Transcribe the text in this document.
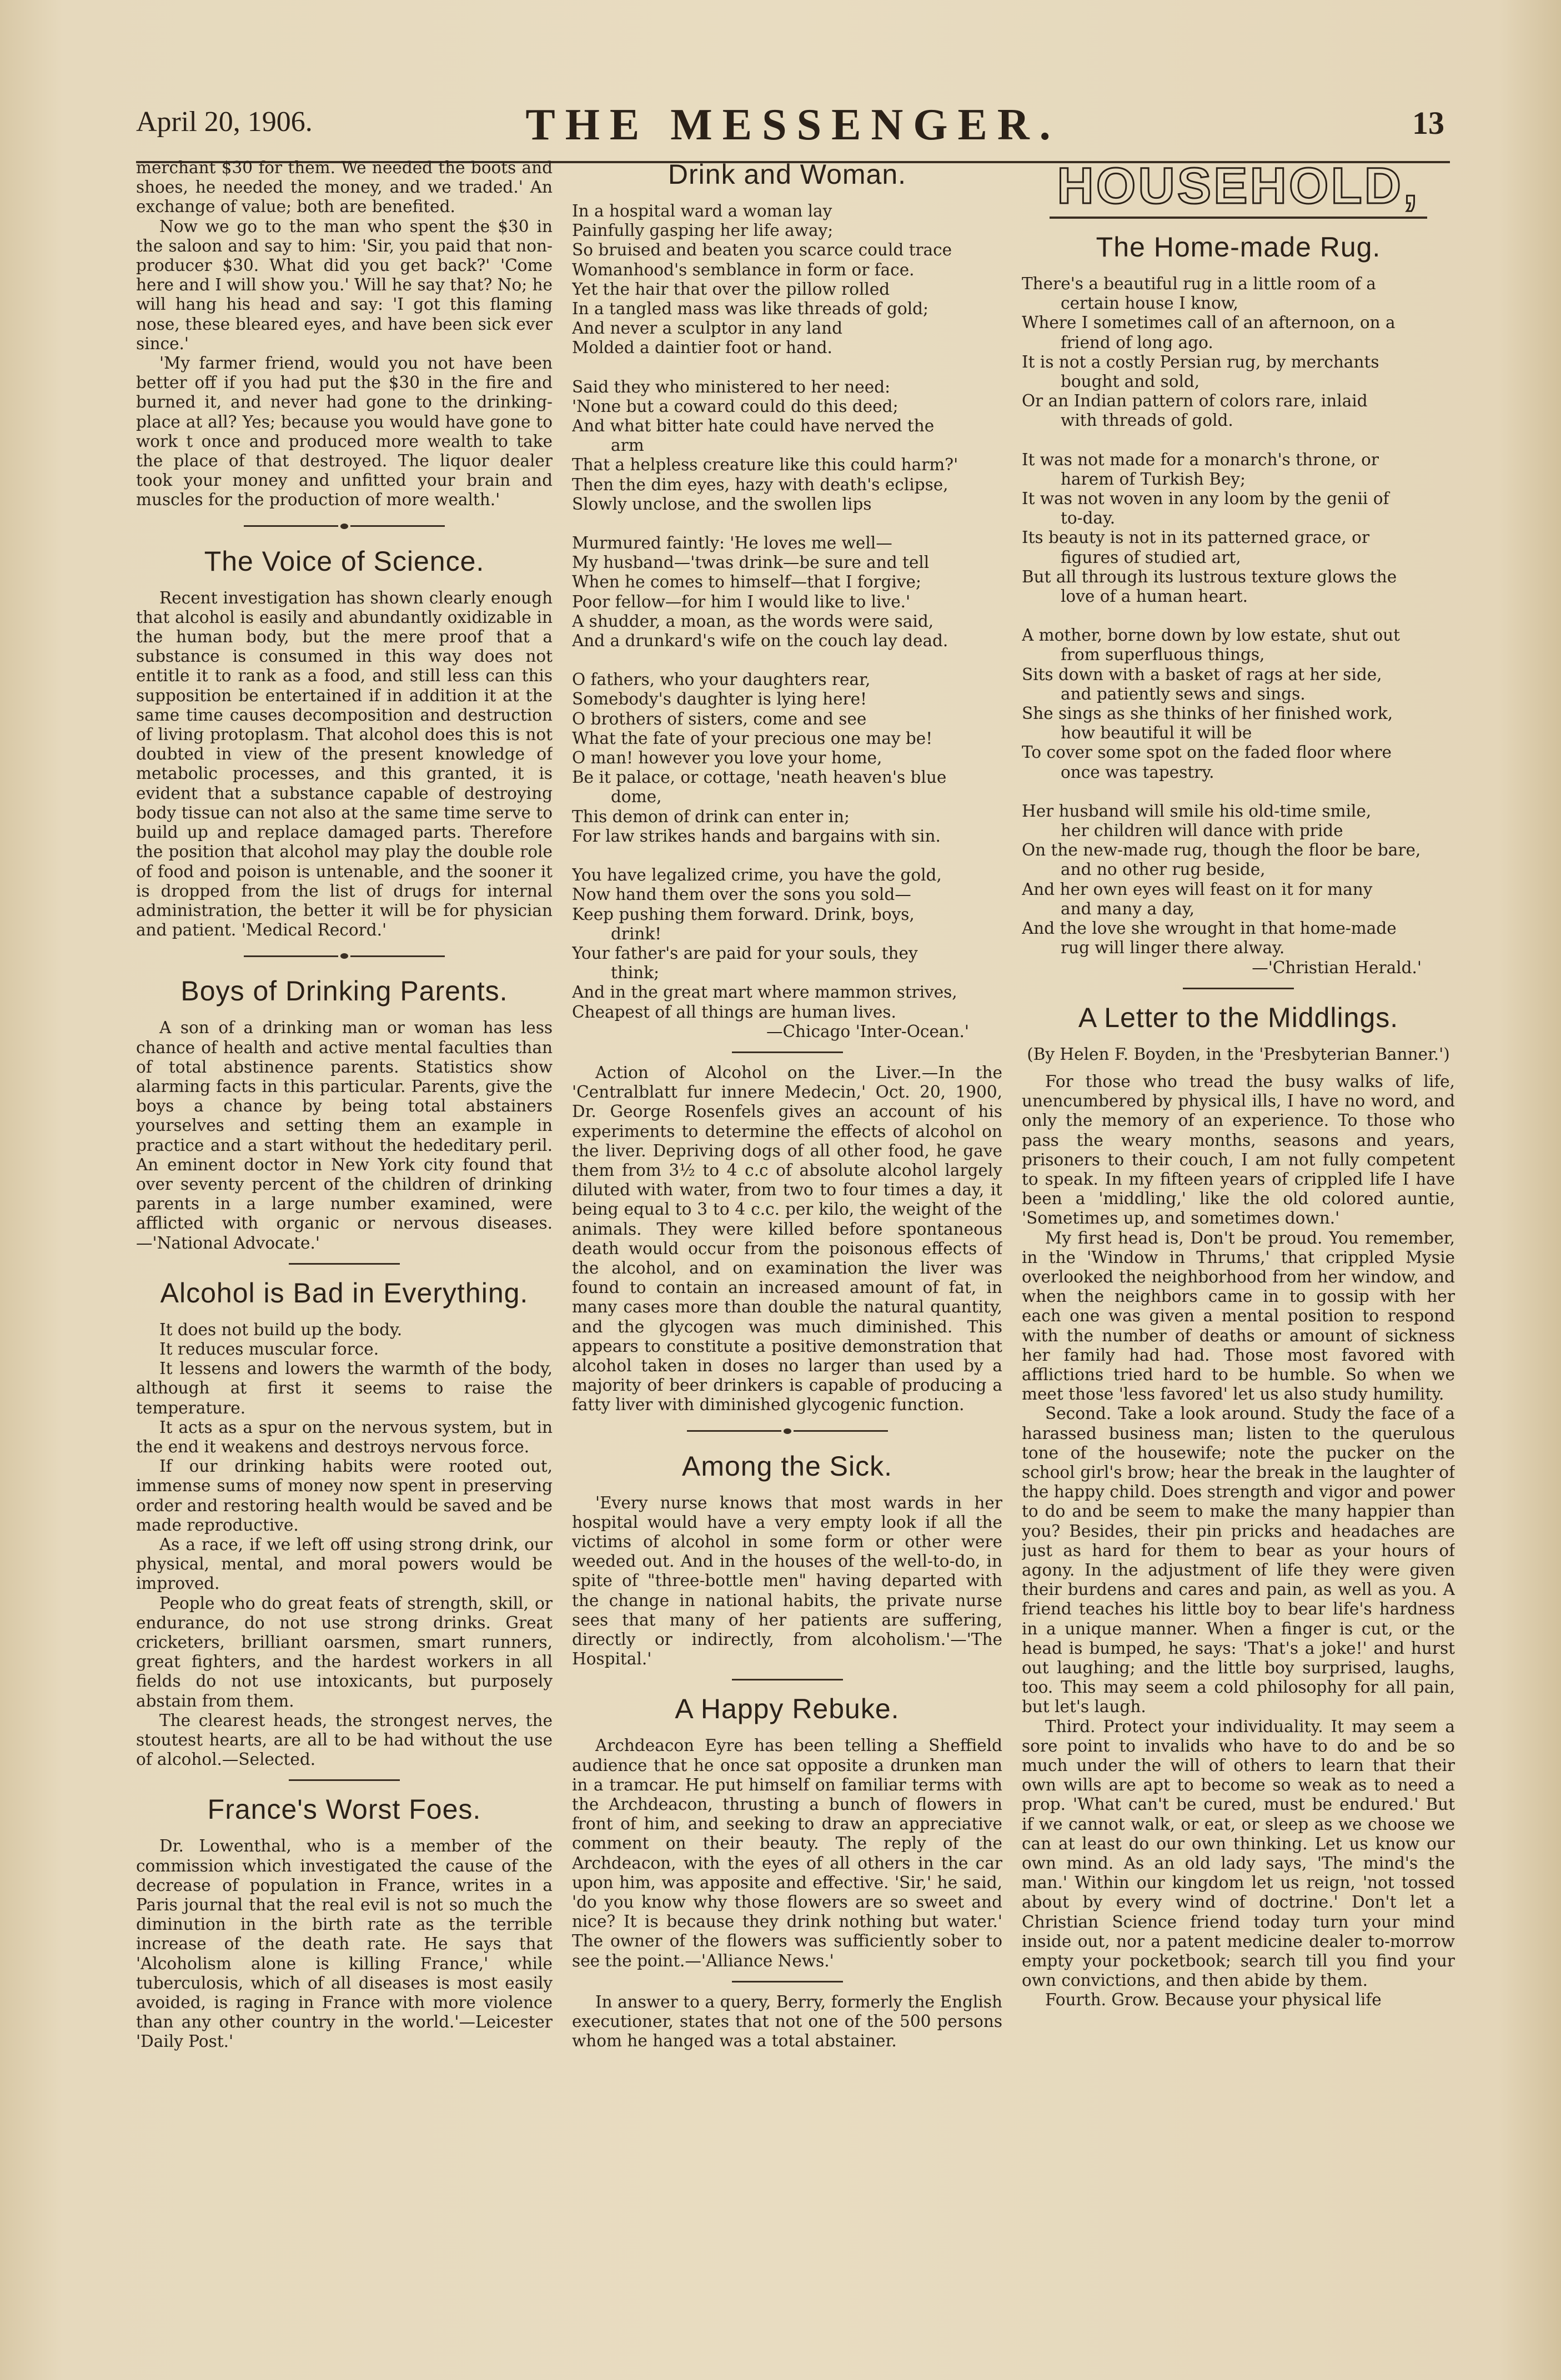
April 20, 1906.	THE MESSENGER.	13

merchant $30 for them. We needed the boots and shoes, he needed the money, and we traded.' An exchange of value; both are benefited.

Now we go to the man who spent the $30 in the saloon and say to him: 'Sir, you paid that non-producer $30. What did you get back?' 'Come here and I will show you.' Will he say that? No; he will hang his head and say: 'I got this flaming nose, these bleared eyes, and have been sick ever since.'

'My farmer friend, would you not have been better off if you had put the $30 in the fire and burned it, and never had gone to the drinking-place at all? Yes; because you would have gone to work t once and produced more wealth to take the place of that destroyed. The liquor dealer took your money and unfitted your brain and muscles for the production of more wealth.'

The Voice of Science.

Recent investigation has shown clearly enough that alcohol is easily and abundantly oxidizable in the human body, but the mere proof that a substance is consumed in this way does not entitle it to rank as a food, and still less can this supposition be entertained if in addition it at the same time causes decomposition and destruction of living protoplasm. That alcohol does this is not doubted in view of the present knowledge of metabolic processes, and this granted, it is evident that a substance capable of destroying body tissue can not also at the same time serve to build up and replace damaged parts. Therefore the position that alcohol may play the double role of food and poison is untenable, and the sooner it is dropped from the list of drugs for internal administration, the better it will be for physician and patient. 'Medical Record.'

Boys of Drinking Parents.

A son of a drinking man or woman has less chance of health and active mental faculties than of total abstinence parents. Statistics show alarming facts in this particular. Parents, give the boys a chance by being total abstainers yourselves and setting them an example in practice and a start without the hededitary peril. An eminent doctor in New York city found that over seventy percent of the children of drinking parents in a large number examined, were afflicted with organic or nervous diseases.—'National Advocate.'

Alcohol is Bad in Everything.

It does not build up the body.

It reduces muscular force.

It lessens and lowers the warmth of the body, although at first it seems to raise the temperature.

It acts as a spur on the nervous system, but in the end it weakens and destroys nervous force.

If our drinking habits were rooted out, immense sums of money now spent in preserving order and restoring health would be saved and be made reproductive.

As a race, if we left off using strong drink, our physical, mental, and moral powers would be improved.

People who do great feats of strength, skill, or endurance, do not use strong drinks. Great cricketers, brilliant oarsmen, smart runners, great fighters, and the hardest workers in all fields do not use intoxicants, but purposely abstain from them.

The clearest heads, the strongest nerves, the stoutest hearts, are all to be had without the use of alcohol.—Selected.

France's Worst Foes.

Dr. Lowenthal, who is a member of the commission which investigated the cause of the decrease of population in France, writes in a Paris journal that the real evil is not so much the diminution in the birth rate as the terrible increase of the death rate. He says that 'Alcoholism alone is killing France,' while tuberculosis, which of all diseases is most easily avoided, is raging in France with more violence than any other country in the world.'—Leicester 'Daily Post.'

Drink and Woman.
In a hospital ward a woman lay
Painfully gasping her life away;
So bruised and beaten you scarce could trace
Womanhood's semblance in form or face.
Yet the hair that over the pillow rolled
In a tangled mass was like threads of gold;
And never a sculptor in any land
Molded a daintier foot or hand.
Said they who ministered to her need:
'None but a coward could do this deed;
And what bitter hate could have nerved the
arm
That a helpless creature like this could harm?'
Then the dim eyes, hazy with death's eclipse,
Slowly unclose, and the swollen lips
Murmured faintly: 'He loves me well—
My husband—'twas drink—be sure and tell
When he comes to himself—that I forgive;
Poor fellow—for him I would like to live.'
A shudder, a moan, as the words were said,
And a drunkard's wife on the couch lay dead.
O fathers, who your daughters rear,
Somebody's daughter is lying here!
O brothers of sisters, come and see
What the fate of your precious one may be!
O man! however you love your home,
Be it palace, or cottage, 'neath heaven's blue
dome,
This demon of drink can enter in;
For law strikes hands and bargains with sin.
You have legalized crime, you have the gold,
Now hand them over the sons you sold—
Keep pushing them forward. Drink, boys,
drink!
Your father's are paid for your souls, they
think;
And in the great mart where mammon strives,
Cheapest of all things are human lives.
—Chicago 'Inter-Ocean.'

Action of Alcohol on the Liver.—In the 'Centralblatt fur innere Medecin,' Oct. 20, 1900, Dr. George Rosenfels gives an account of his experiments to determine the effects of alcohol on the liver. Depriving dogs of all other food, he gave them from 3½ to 4 c.c of absolute alcohol largely diluted with water, from two to four times a day, it being equal to 3 to 4 c.c. per kilo, the weight of the animals. They were killed before spontaneous death would occur from the poisonous effects of the alcohol, and on examination the liver was found to contain an increased amount of fat, in many cases more than double the natural quantity, and the glycogen was much diminished. This appears to constitute a positive demonstration that alcohol taken in doses no larger than used by a majority of beer drinkers is capable of producing a fatty liver with diminished glycogenic function.

Among the Sick.

'Every nurse knows that most wards in her hospital would have a very empty look if all the victims of alcohol in some form or other were weeded out. And in the houses of the well-to-do, in spite of "three-bottle men" having departed with the change in national habits, the private nurse sees that many of her patients are suffering, directly or indirectly, from alcoholism.'—'The Hospital.'

A Happy Rebuke.

Archdeacon Eyre has been telling a Sheffield audience that he once sat opposite a drunken man in a tramcar. He put himself on familiar terms with the Archdeacon, thrusting a bunch of flowers in front of him, and seeking to draw an appreciative comment on their beauty. The reply of the Archdeacon, with the eyes of all others in the car upon him, was apposite and effective. 'Sir,' he said, 'do you know why those flowers are so sweet and nice? It is because they drink nothing but water.' The owner of the flowers was sufficiently sober to see the point.—'Alliance News.'

In answer to a query, Berry, formerly the English executioner, states that not one of the 500 persons whom he hanged was a total abstainer.

HOUSEHOLD,
The Home-made Rug.
There's a beautiful rug in a little room of a
certain house I know,
Where I sometimes call of an afternoon, on a
friend of long ago.
It is not a costly Persian rug, by merchants
bought and sold,
Or an Indian pattern of colors rare, inlaid
with threads of gold.
It was not made for a monarch's throne, or
harem of Turkish Bey;
It was not woven in any loom by the genii of
to-day.
Its beauty is not in its patterned grace, or
figures of studied art,
But all through its lustrous texture glows the
love of a human heart.
A mother, borne down by low estate, shut out
from superfluous things,
Sits down with a basket of rags at her side,
and patiently sews and sings.
She sings as she thinks of her finished work,
how beautiful it will be
To cover some spot on the faded floor where
once was tapestry.
Her husband will smile his old-time smile,
her children will dance with pride
On the new-made rug, though the floor be bare,
and no other rug beside,
And her own eyes will feast on it for many
and many a day,
And the love she wrought in that home-made
rug will linger there alway.
—'Christian Herald.'
A Letter to the Middlings.
(By Helen F. Boyden, in the 'Presbyterian Banner.')

For those who tread the busy walks of life, unencumbered by physical ills, I have no word, and only the memory of an experience. To those who pass the weary months, seasons and years, prisoners to their couch, I am not fully competent to speak. In my fifteen years of crippled life I have been a 'middling,' like the old colored auntie, 'Sometimes up, and sometimes down.'

My first head is, Don't be proud. You remember, in the 'Window in Thrums,' that crippled Mysie overlooked the neighborhood from her window, and when the neighbors came in to gossip with her each one was given a mental position to respond with the number of deaths or amount of sickness her family had had. Those most favored with afflictions tried hard to be humble. So when we meet those 'less favored' let us also study humility.

Second. Take a look around. Study the face of a harassed business man; listen to the querulous tone of the housewife; note the pucker on the school girl's brow; hear the break in the laughter of the happy child. Does strength and vigor and power to do and be seem to make the many happier than you? Besides, their pin pricks and headaches are just as hard for them to bear as your hours of agony. In the adjustment of life they were given their burdens and cares and pain, as well as you. A friend teaches his little boy to bear life's hardness in a unique manner. When a finger is cut, or the head is bumped, he says: 'That's a joke!' and hurst out laughing; and the little boy surprised, laughs, too. This may seem a cold philosophy for all pain, but let's laugh.

Third. Protect your individuality. It may seem a sore point to invalids who have to do and be so much under the will of others to learn that their own wills are apt to become so weak as to need a prop. 'What can't be cured, must be endured.' But if we cannot walk, or eat, or sleep as we choose we can at least do our own thinking. Let us know our own mind. As an old lady says, 'The mind's the man.' Within our kingdom let us reign, 'not tossed about by every wind of doctrine.' Don't let a Christian Science friend today turn your mind inside out, nor a patent medicine dealer to-morrow empty your pocketbook; search till you find your own convictions, and then abide by them.

Fourth. Grow. Because your physical life
